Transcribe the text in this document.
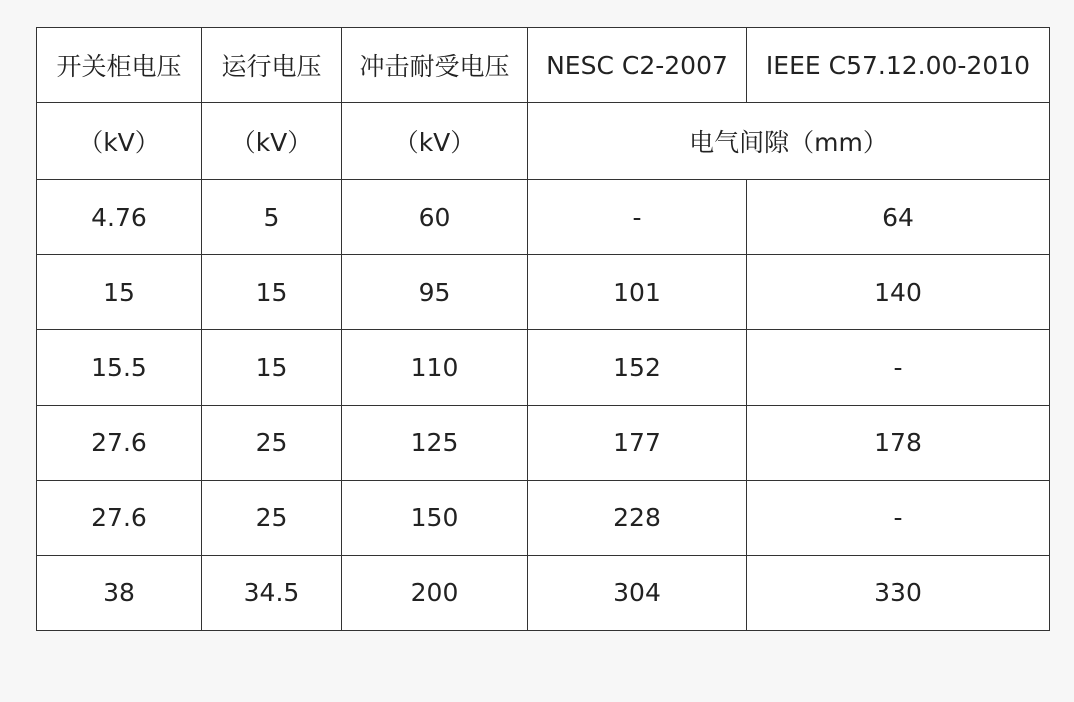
开关柜电压	运行电压	冲击耐受电压	NESC C2-2007	IEEE C57.12.00-2010
（kV）	（kV）	（kV）	电气间隙（mm）	
4.76	5	60	-	64
15	15	95	101	140
15.5	15	110	152	-
27.6	25	125	177	178
27.6	25	150	228	-
38	34.5	200	304	330
